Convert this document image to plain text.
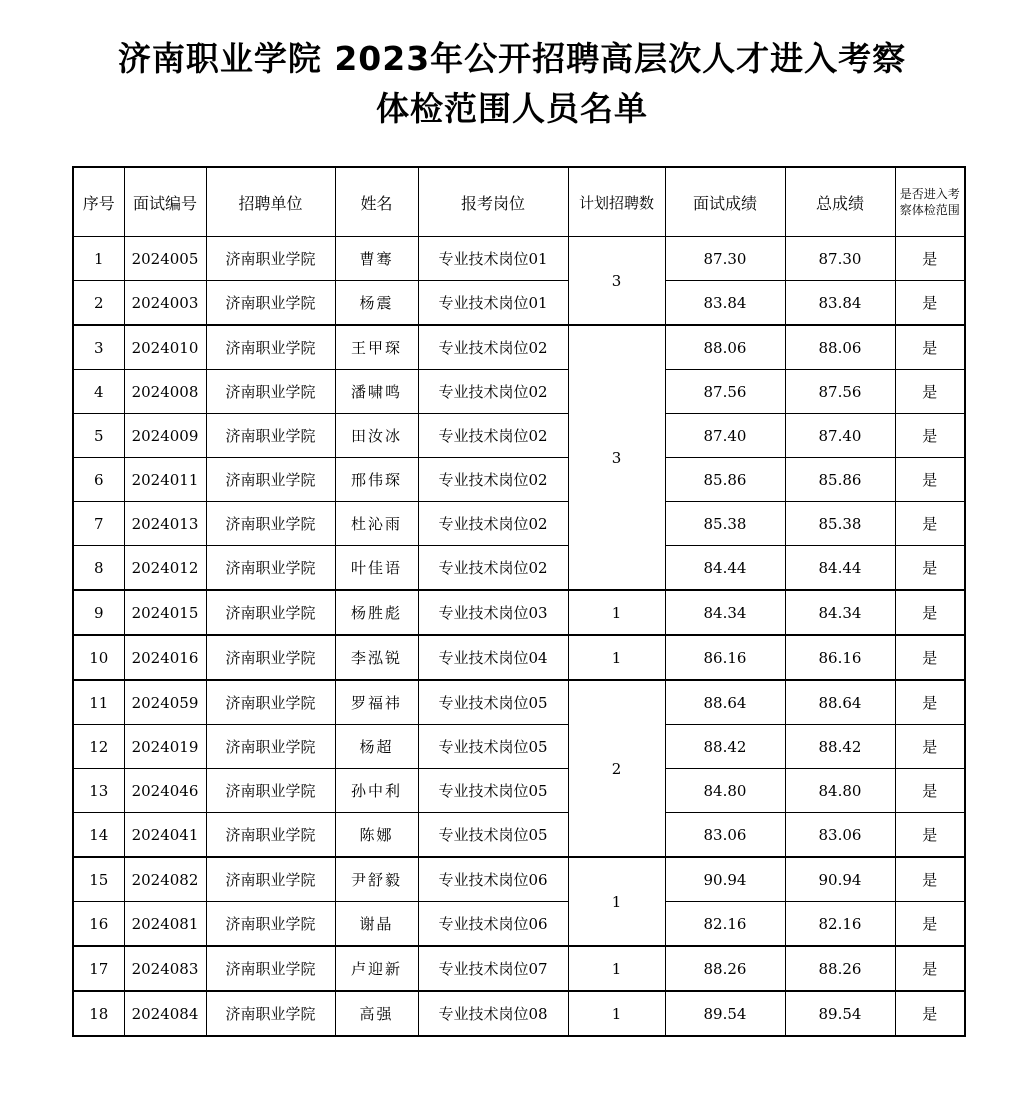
济南职业学院 2023年公开招聘高层次人才进入考察
体检范围人员名单
序号	面试编号	招聘单位	姓名	报考岗位	计划招聘数	面试成绩	总成绩	是否进入考察体检范围
1	2024005	济南职业学院	曹骞	专业技术岗位01	3	87.30	87.30	是
2	2024003	济南职业学院	杨震	专业技术岗位01		83.84	83.84	是
3	2024010	济南职业学院	王甲琛	专业技术岗位02	3	88.06	88.06	是
4	2024008	济南职业学院	潘啸鸣	专业技术岗位02		87.56	87.56	是
5	2024009	济南职业学院	田汝冰	专业技术岗位02		87.40	87.40	是
6	2024011	济南职业学院	邢伟琛	专业技术岗位02		85.86	85.86	是
7	2024013	济南职业学院	杜沁雨	专业技术岗位02		85.38	85.38	是
8	2024012	济南职业学院	叶佳语	专业技术岗位02		84.44	84.44	是
9	2024015	济南职业学院	杨胜彪	专业技术岗位03	1	84.34	84.34	是
10	2024016	济南职业学院	李泓锐	专业技术岗位04	1	86.16	86.16	是
11	2024059	济南职业学院	罗福祎	专业技术岗位05	2	88.64	88.64	是
12	2024019	济南职业学院	杨超	专业技术岗位05		88.42	88.42	是
13	2024046	济南职业学院	孙中利	专业技术岗位05		84.80	84.80	是
14	2024041	济南职业学院	陈娜	专业技术岗位05		83.06	83.06	是
15	2024082	济南职业学院	尹舒毅	专业技术岗位06	1	90.94	90.94	是
16	2024081	济南职业学院	谢晶	专业技术岗位06		82.16	82.16	是
17	2024083	济南职业学院	卢迎新	专业技术岗位07	1	88.26	88.26	是
18	2024084	济南职业学院	高强	专业技术岗位08	1	89.54	89.54	是
